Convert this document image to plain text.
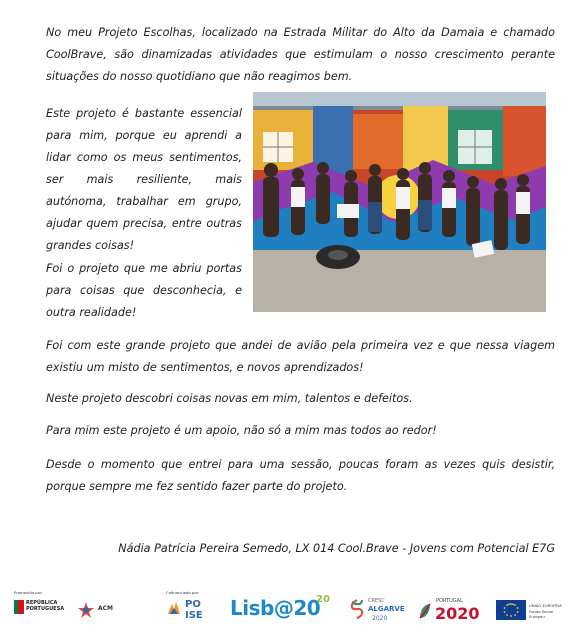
No meu Projeto Escolhas, localizado na Estrada Militar do Alto da Damaia e chamado CoolBrave, são dinamizadas atividades que estimulam o nosso crescimento perante situações do nosso quotidiano que não reagimos bem.

Este projeto é bastante essencial para mim, porque eu aprendi a lidar como os meus sentimentos, ser mais resiliente, mais autónoma, trabalhar em grupo, ajudar quem precisa, entre outras grandes coisas!

Foi o projeto que me abriu portas para coisas que desconhecia, e outra realidade!

Foi com este grande projeto que andei de avião pela primeira vez e que nessa viagem existiu um misto de sentimentos, e novos aprendizados!

Neste projeto descobri coisas novas em mim, talentos e defeitos.

Para mim este projeto é um apoio, não só a mim mas todos ao redor!

Desde o momento que entrei para uma sessão, poucas foram as vezes quis desistir, porque sempre me fez sentido fazer parte do projeto.

Nádia Patrícia Pereira Semedo, LX 014 Cool.Brave - Jovens com Potencial E7G
Promovido por:
REPÚBLICA
PORTUGUESA	ACM
Cofinanciado por:
PO ISE	Lisb@20
20	CRESC
ALGARVE
2020
PORTUGAL
2020	UNIÃO EUROPEIA
Fundo Social Europeu
